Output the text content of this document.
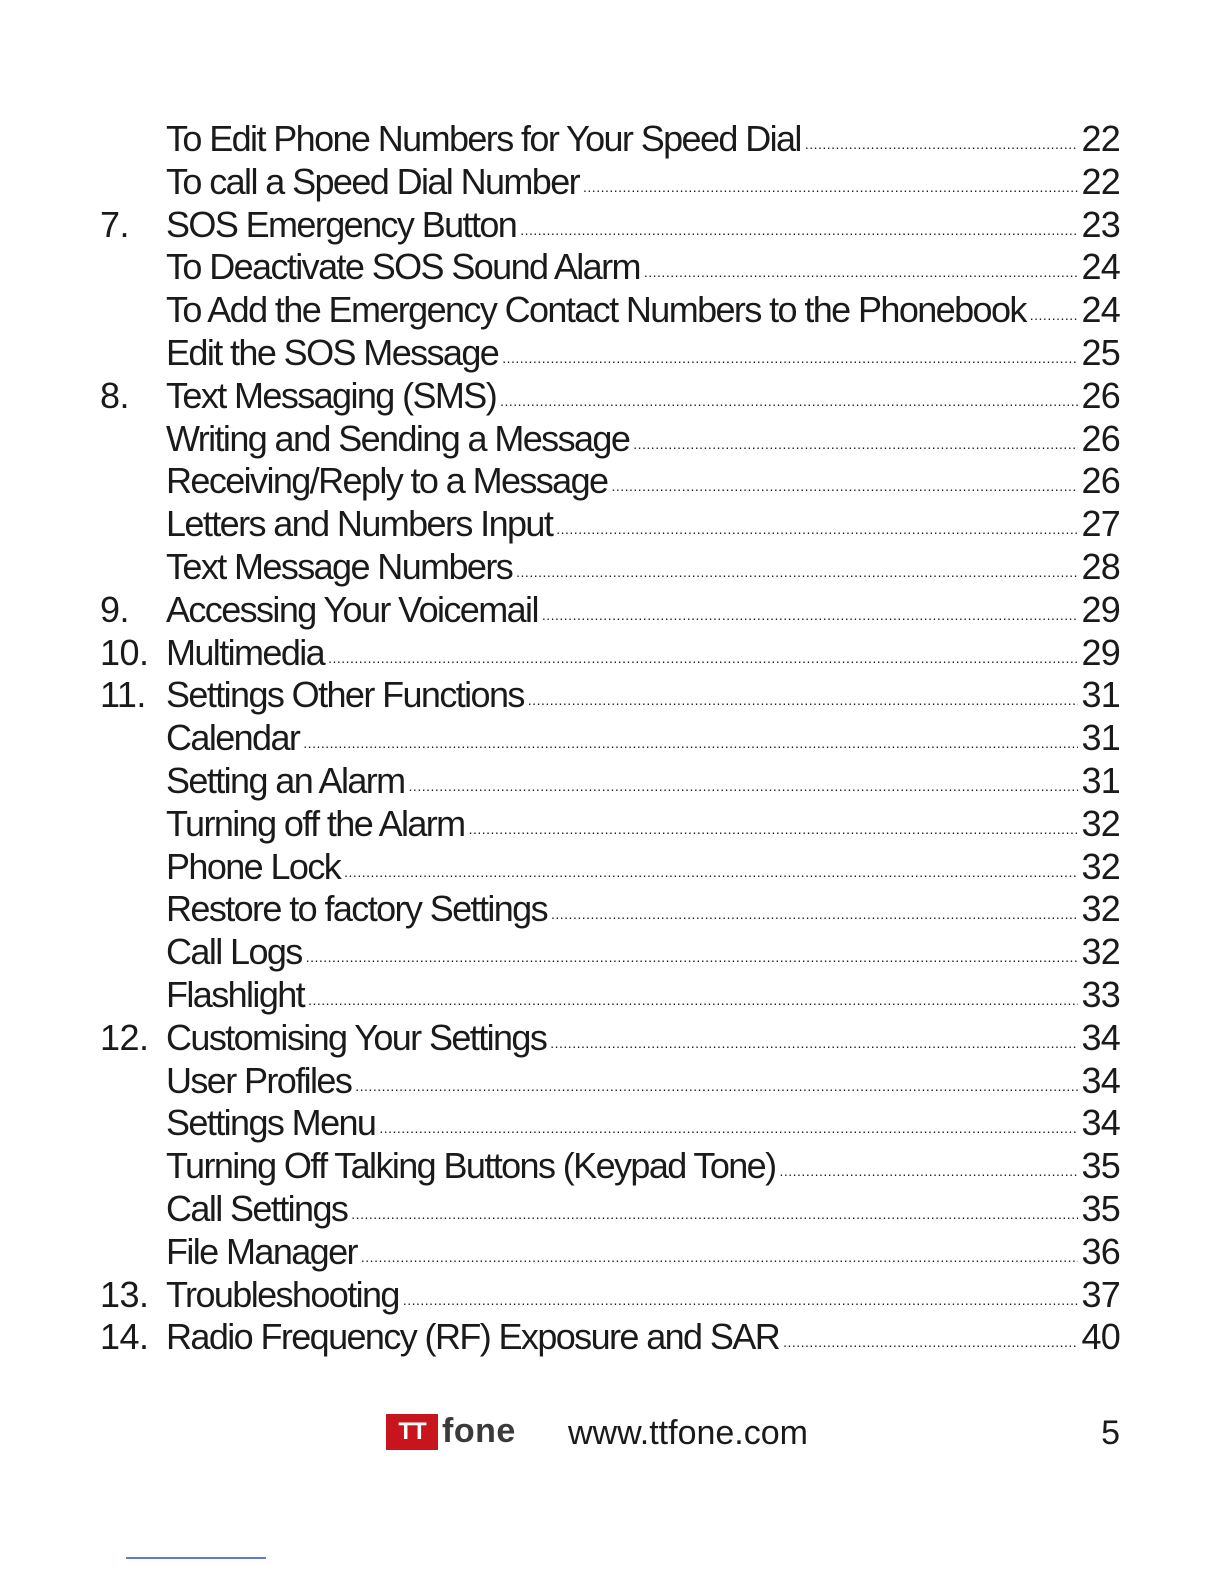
To Edit Phone Numbers for Your Speed Dial .....	22
To call a Speed Dial Number .....	22
7.	SOS Emergency Button .....	23
To Deactivate SOS Sound Alarm .....	24
To Add the Emergency Contact Numbers to the Phonebook ..... 24
Edit the SOS Message .....	25
8.	Text Messaging (SMS) .....	26
Writing and Sending a Message .....	26
Receiving/Reply to a Message .....	26
Letters and Numbers Input .....	27
Text Message Numbers .....	28
9.	Accessing Your Voicemail .....	29
10. Multimedia .....	29
11. Settings Other Functions .....	31
Calendar .....	31
Setting an Alarm .....	31
Turning off the Alarm .....	32
Phone Lock .....	32
Restore to factory Settings .....	32
Call Logs .....	32
Flashlight .....	33
12. Customising Your Settings .....	34
User Profiles .....	34
Settings Menu .....	34
Turning Off Talking Buttons (Keypad Tone) .....	35
Call Settings .....	35
File Manager .....	36
13. Troubleshooting .....	37
14. Radio Frequency (RF) Exposure and SAR .....	40
TT fone www.ttfone.com	5
